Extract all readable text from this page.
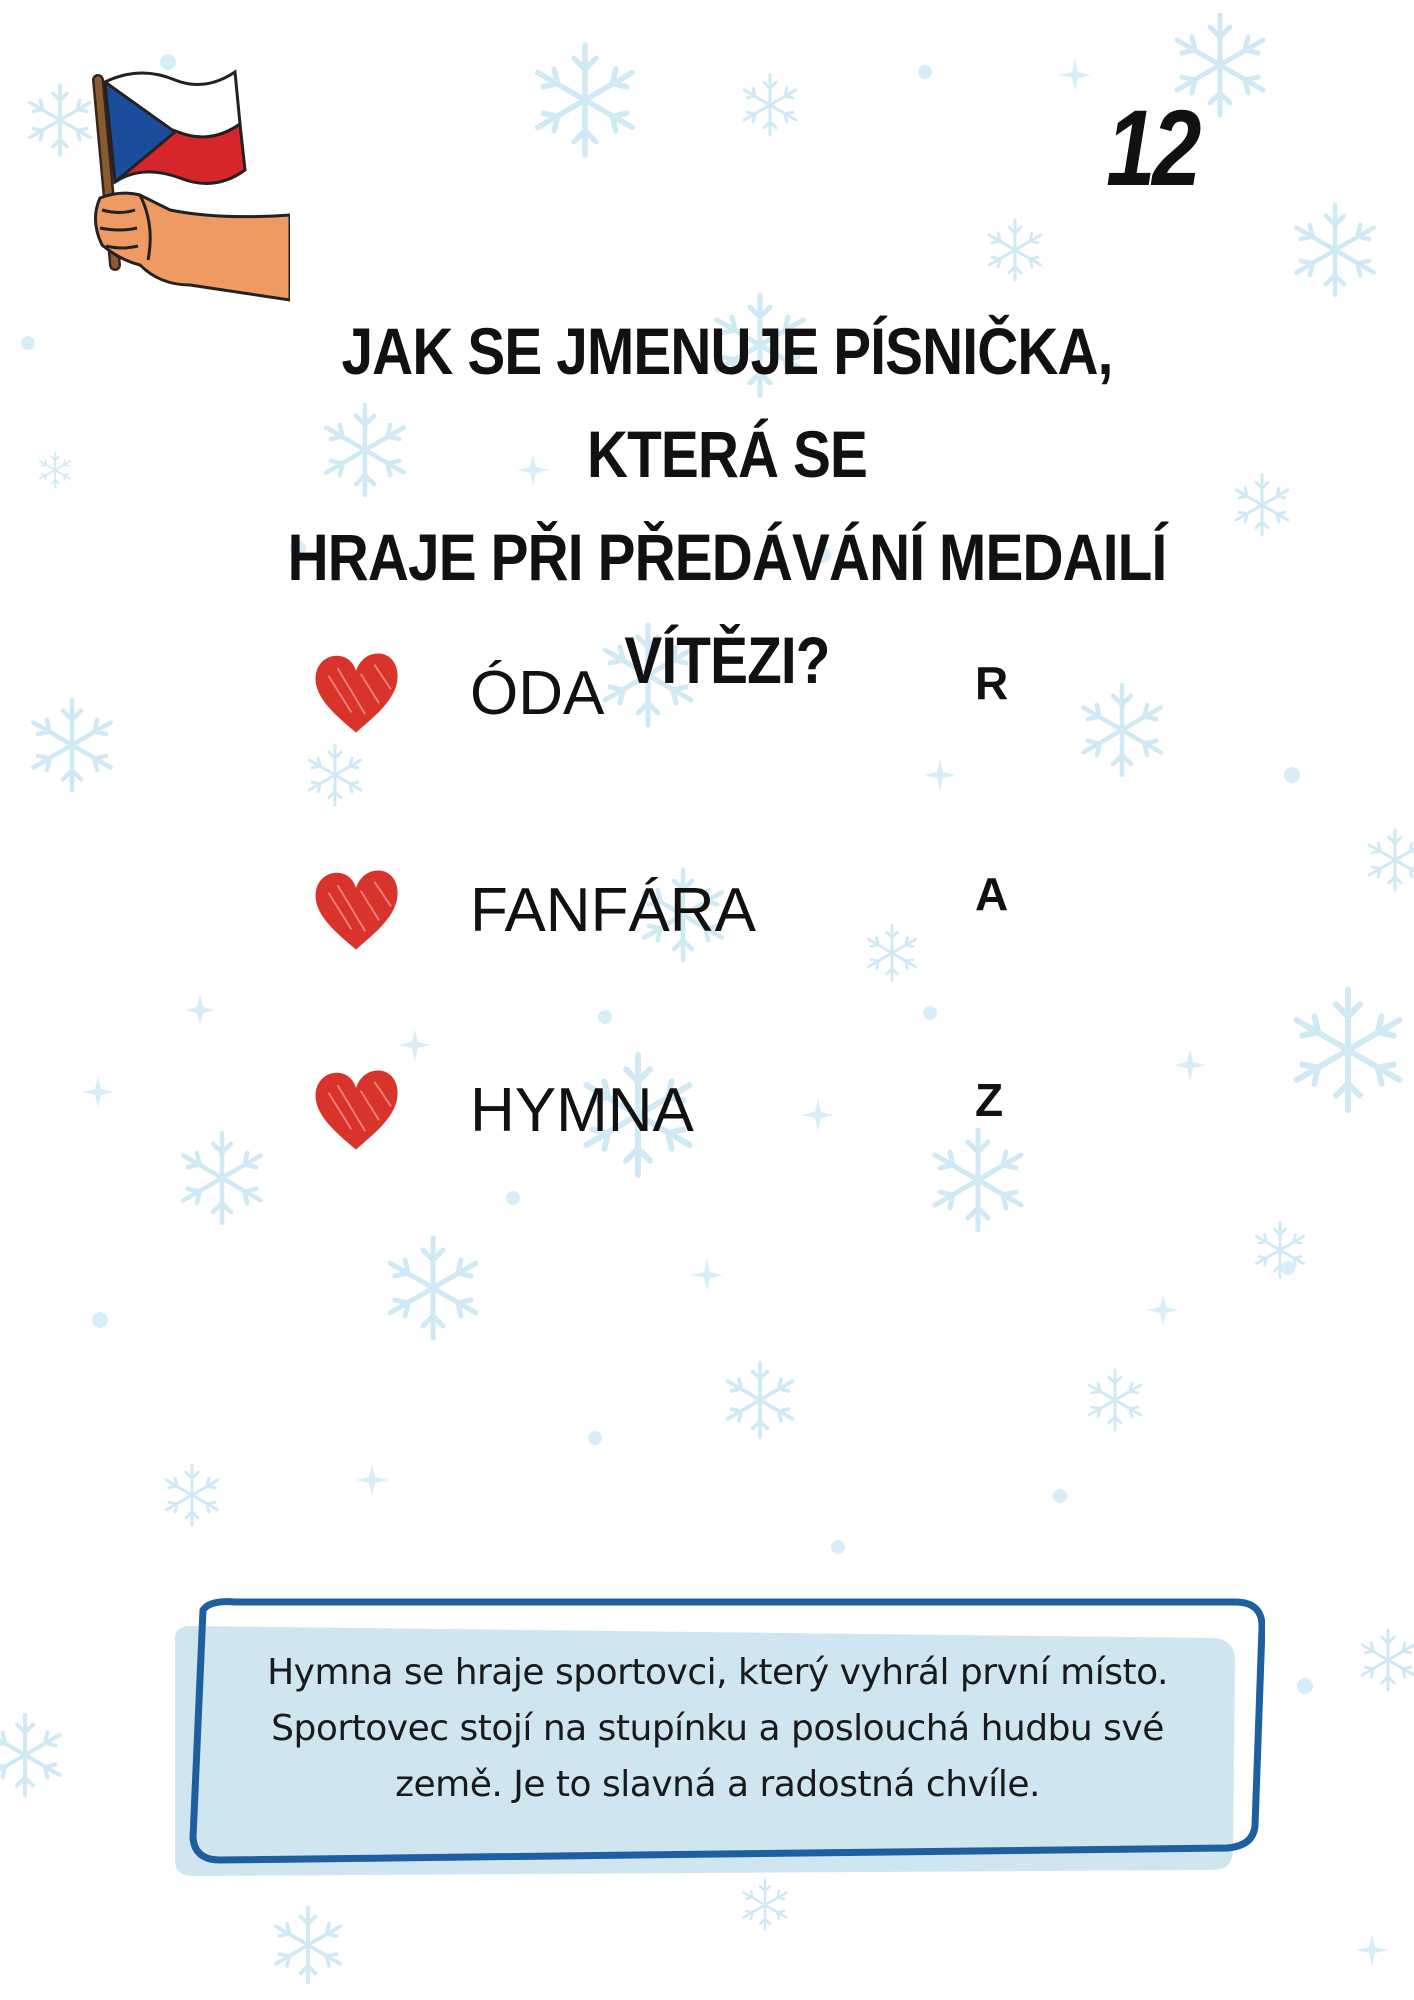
12
JAK SE JMENUJE PÍSNIČKA, KTERÁ SE
HRAJE PŘI PŘEDÁVÁNÍ MEDAILÍ VÍTĚZI?
ÓDA	R
FANFÁRA	A
HYMNA	Z
Hymna se hraje sportovci, který vyhrál první místo.
Sportovec stojí na stupínku a poslouchá hudbu své
země. Je to slavná a radostná chvíle.
